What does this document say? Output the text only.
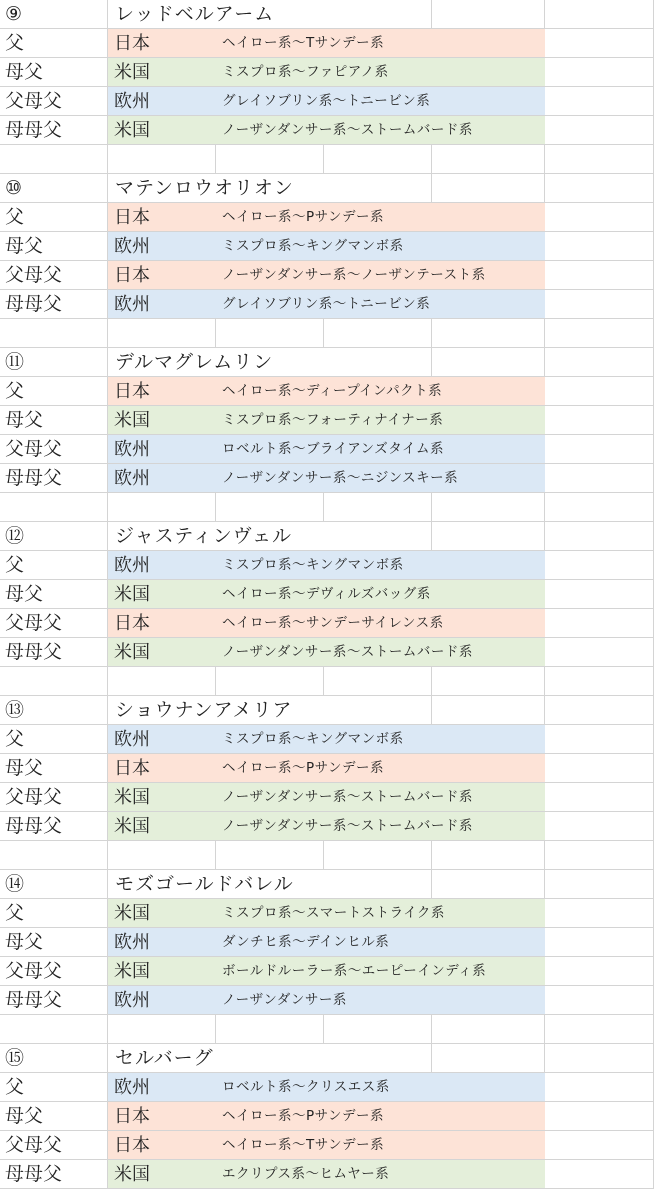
⑨	レッドベルアーム
父	日本	ヘイロー系〜Tサンデー系
母父	米国	ミスプロ系〜ファピアノ系
父母父	欧州	グレイソブリン系〜トニービン系
母母父	米国	ノーザンダンサー系〜ストームバード系
⑩	マテンロウオリオン
父	日本	ヘイロー系〜Pサンデー系
母父	欧州	ミスプロ系〜キングマンボ系
父母父	日本	ノーザンダンサー系〜ノーザンテースト系
母母父	欧州	グレイソブリン系〜トニービン系
⑪	デルマグレムリン
父	日本	ヘイロー系〜ディープインパクト系
母父	米国	ミスプロ系〜フォーティナイナー系
父母父	欧州	ロベルト系〜ブライアンズタイム系
母母父	欧州	ノーザンダンサー系〜ニジンスキー系
⑫	ジャスティンヴェル
父	欧州	ミスプロ系〜キングマンボ系
母父	米国	ヘイロー系〜デヴィルズバッグ系
父母父	日本	ヘイロー系〜サンデーサイレンス系
母母父	米国	ノーザンダンサー系〜ストームバード系
⑬	ショウナンアメリア
父	欧州	ミスプロ系〜キングマンボ系
母父	日本	ヘイロー系〜Pサンデー系
父母父	米国	ノーザンダンサー系〜ストームバード系
母母父	米国	ノーザンダンサー系〜ストームバード系
⑭	モズゴールドバレル
父	米国	ミスプロ系〜スマートストライク系
母父	欧州	ダンチヒ系〜デインヒル系
父母父	米国	ボールドルーラー系〜エーピーインディ系
母母父	欧州	ノーザンダンサー系
⑮	セルバーグ
父	欧州	ロベルト系〜クリスエス系
母父	日本	ヘイロー系〜Pサンデー系
父母父	日本	ヘイロー系〜Tサンデー系
母母父	米国	エクリプス系〜ヒムヤー系
